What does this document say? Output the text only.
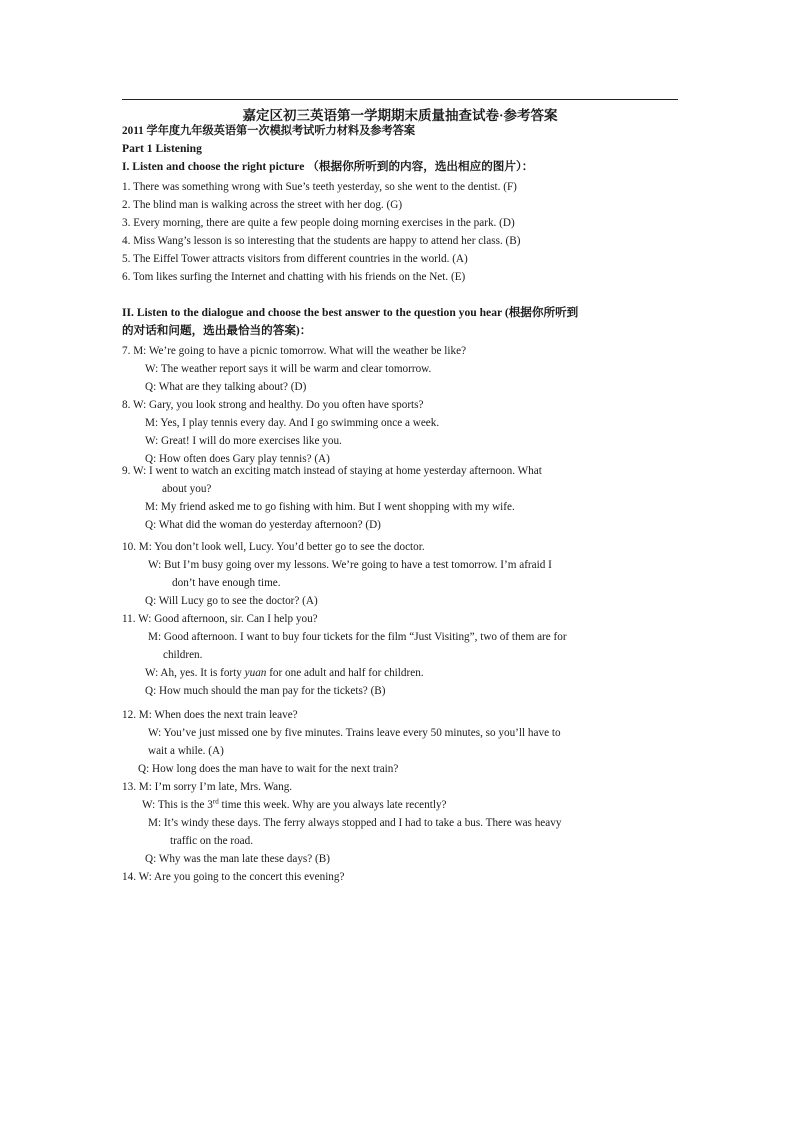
嘉定区初三英语第一学期期末质量抽查试卷·参考答案
2011 学年度九年级英语第一次模拟考试听力材料及参考答案
Part 1 Listening
I. Listen and choose the right picture （根据你所听到的内容，选出相应的图片）：
1. There was something wrong with Sue’s teeth yesterday, so she went to the dentist. (F)
2. The blind man is walking across the street with her dog. (G)
3. Every morning, there are quite a few people doing morning exercises in the park. (D)
4. Miss Wang’s lesson is so interesting that the students are happy to attend her class. (B)
5. The Eiffel Tower attracts visitors from different countries in the world. (A)
6. Tom likes surfing the Internet and chatting with his friends on the Net. (E)
II. Listen to the dialogue and choose the best answer to the question you hear (根据你所听到
的对话和问题，选出最恰当的答案)：
7. M: We’re going to have a picnic tomorrow. What will the weather be like?
W: The weather report says it will be warm and clear tomorrow.
Q: What are they talking about? (D)
8. W: Gary, you look strong and healthy. Do you often have sports?
M: Yes, I play tennis every day. And I go swimming once a week.
W: Great! I will do more exercises like you.
Q: How often does Gary play tennis? (A)
9. W: I went to watch an exciting match instead of staying at home yesterday afternoon. What
about you?
M: My friend asked me to go fishing with him. But I went shopping with my wife.
Q: What did the woman do yesterday afternoon? (D)
10. M: You don’t look well, Lucy. You’d better go to see the doctor.
W: But I’m busy going over my lessons. We’re going to have a test tomorrow. I’m afraid I
don’t have enough time.
Q: Will Lucy go to see the doctor? (A)
11. W: Good afternoon, sir. Can I help you?
M: Good afternoon. I want to buy four tickets for the film “Just Visiting”, two of them are for
children.
W: Ah, yes. It is forty yuan for one adult and half for children.
Q: How much should the man pay for the tickets? (B)
12. M: When does the next train leave?
W: You’ve just missed one by five minutes. Trains leave every 50 minutes, so you’ll have to
wait a while. (A)
Q: How long does the man have to wait for the next train?
13. M: I’m sorry I’m late, Mrs. Wang.
W: This is the 3rd time this week. Why are you always late recently?
M: It’s windy these days. The ferry always stopped and I had to take a bus. There was heavy
traffic on the road.
Q: Why was the man late these days? (B)
14. W: Are you going to the concert this evening?
